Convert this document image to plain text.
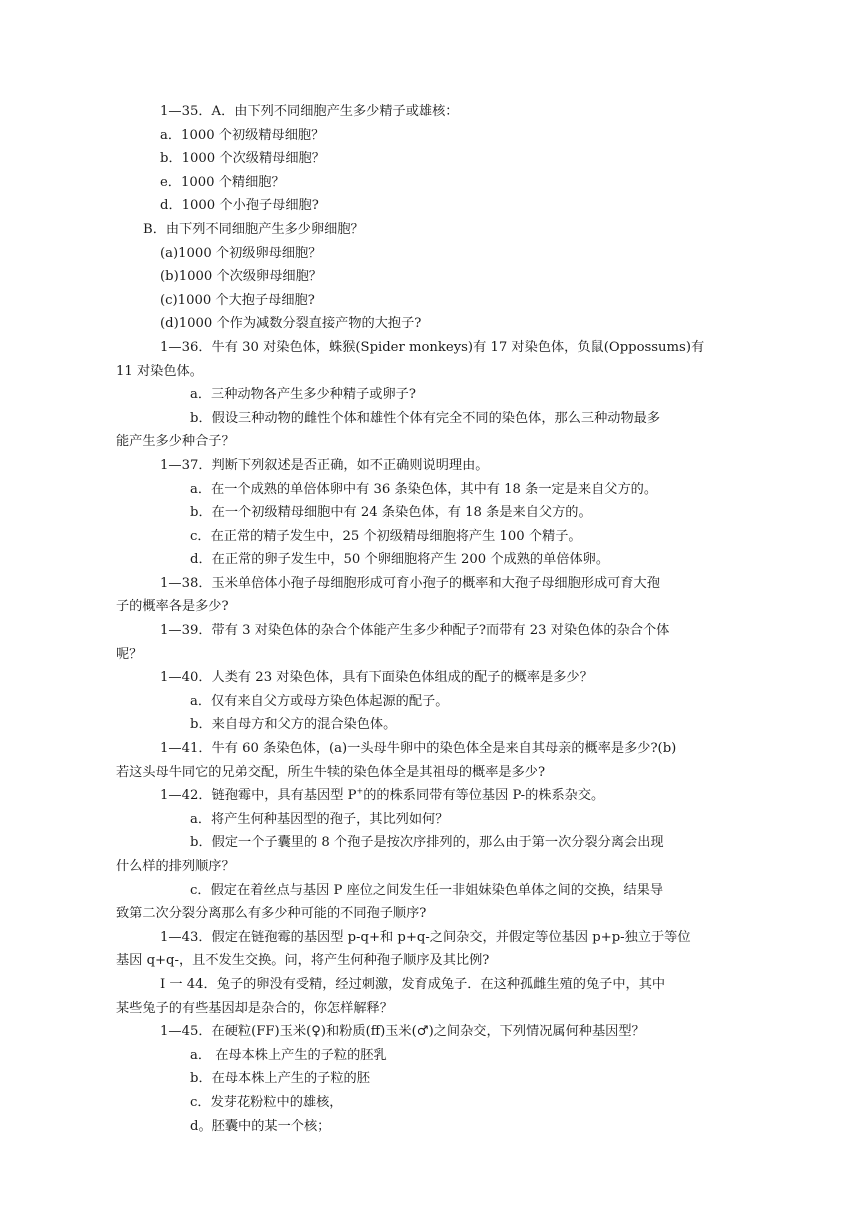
1—35．A．由下列不同细胞产生多少精子或雄核：
a．1000 个初级精母细胞？
b．1000 个次级精母细胞？
e．1000 个精细胞？
d．1000 个小孢子母细胞?
B．由下列不同细胞产生多少卵细胞？
(a)1000 个初级卵母细胞？
(b)1000 个次级卵母细胞？
(c)1000 个大抱子母细胞?
(d)1000 个作为减数分裂直接产物的大抱子?
1—36．牛有 30 对染色体，蛛猴(Spider monkeys)有 17 对染色体，负鼠(Oppossums)有
11 对染色体。
a．三种动物各产生多少种精子或卵子?
b．假设三种动物的雌性个体和雄性个体有完全不同的染色体，那么三种动物最多
能产生多少种合子？
1—37．判断下列叙述是否正确，如不正确则说明理由。
a．在一个成熟的单倍体卵中有 36 条染色体，其中有 18 条一定是来自父方的。
b．在一个初级精母细胞中有 24 条染色体，有 18 条是来自父方的。
c．在正常的精子发生中，25 个初级精母细胞将产生 100 个精子。
d．在正常的卵子发生中，50 个卵细胞将产生 200 个成熟的单倍体卵。
1—38．玉米单倍体小孢子母细胞形成可育小孢子的概率和大孢子母细胞形成可育大孢
子的概率各是多少?
1—39．带有 3 对染色体的杂合个体能产生多少种配子?而带有 23 对染色体的杂合个体
呢？
1—40．人类有 23 对染色体，具有下面染色体组成的配子的概率是多少？
a．仅有来自父方或母方染色体起源的配子。
b．来自母方和父方的混合染色体。
1—41．牛有 60 条染色体，(a)一头母牛卵中的染色体全是来自其母亲的概率是多少?(b)
若这头母牛同它的兄弟交配，所生牛犊的染色体全是其祖母的概率是多少?
1—42．链孢霉中，具有基因型 P+的的株系同带有等位基因 P-的株系杂交。
a．将产生何种基因型的孢子，其比列如何？
b．假定一个子囊里的 8 个孢子是按次序排列的，那么由于第一次分裂分离会出现
什么样的排列顺序？
c．假定在着丝点与基因 P 座位之间发生任一非姐妹染色单体之间的交换，结果导
致第二次分裂分离那么有多少种可能的不同孢子顺序?
1—43．假定在链孢霉的基因型 p-q+和 p+q-之间杂交，并假定等位基因 p+p-独立于等位
基因 q+q-，且不发生交换。问，将产生何种孢子顺序及其比例?
I 一 44．兔子的卵没有受精，经过刺激，发育成兔子．在这种孤雌生殖的兔子中，其中
某些兔子的有些基因却是杂合的，你怎样解释？
1—45．在硬粒(FF)玉米(♀)和粉质(ff)玉米(♂)之间杂交，下列情况属何种基因型？
a． 在母本株上产生的子粒的胚乳
b．在母本株上产生的子粒的胚
c．发芽花粉粒中的雄核，
d。胚囊中的某一个核；
